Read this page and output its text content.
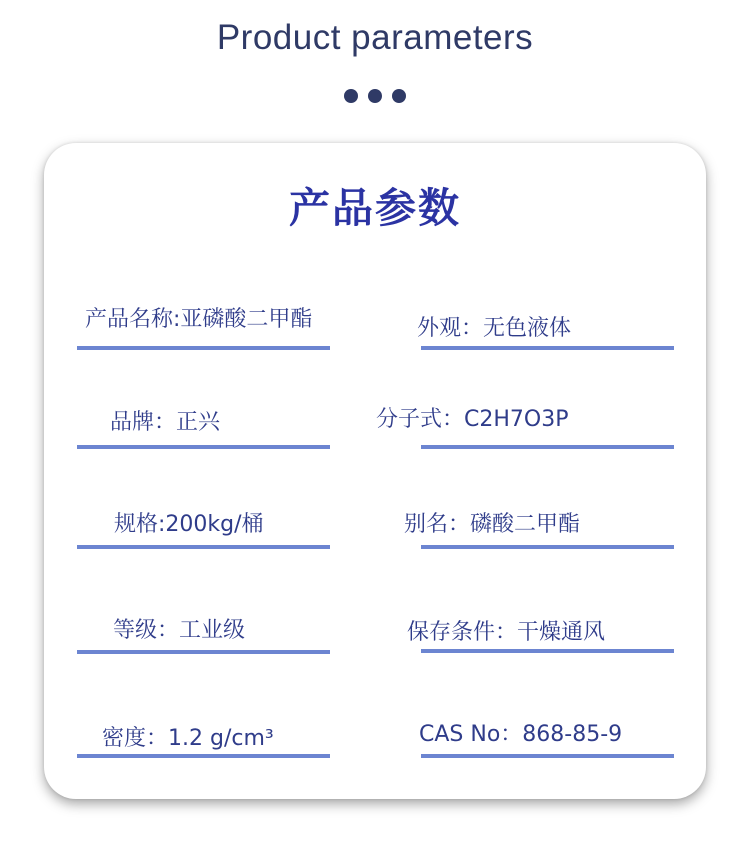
Product parameters
产品参数
产品名称:亚磷酸二甲酯	外观：无色液体
品牌：正兴	分子式：C2H7O3P
规格:200kg/桶	别名：磷酸二甲酯
等级：工业级	保存条件：干燥通风
密度：1.2 g/cm³	CAS No：868-85-9
